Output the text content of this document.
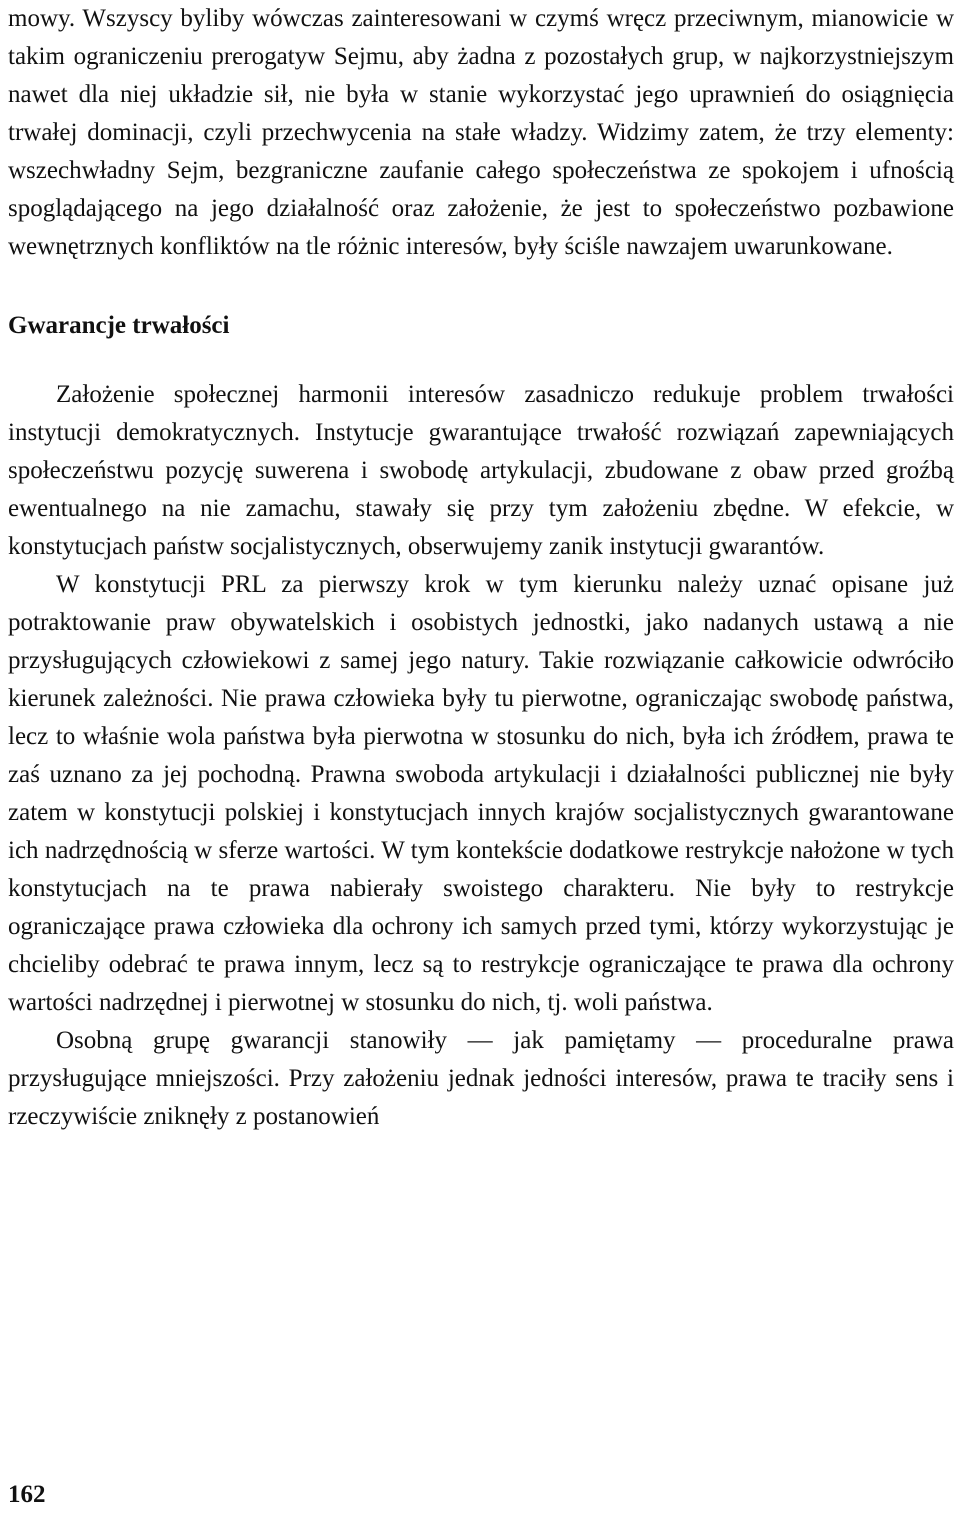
mowy. Wszyscy byliby wówczas zainteresowani w czymś wręcz przeciwnym, mianowicie w takim ograniczeniu prerogatyw Sejmu, aby żadna z pozostałych grup, w najkorzystniejszym nawet dla niej układzie sił, nie była w stanie wykorzystać jego uprawnień do osiągnięcia trwałej dominacji, czyli przechwycenia na stałe władzy. Widzimy zatem, że trzy elementy: wszechwładny Sejm, bezgraniczne zaufanie całego społeczeństwa ze spokojem i ufnością spoglądającego na jego działalność oraz założenie, że jest to społeczeństwo pozbawione wewnętrznych konfliktów na tle różnic interesów, były ściśle nawzajem uwarunkowane.

Gwarancje trwałości

Założenie społecznej harmonii interesów zasadniczo redukuje problem trwałości instytucji demokratycznych. Instytucje gwarantujące trwałość rozwiązań zapewniających społeczeństwu pozycję suwerena i swobodę artykulacji, zbudowane z obaw przed groźbą ewentualnego na nie zamachu, stawały się przy tym założeniu zbędne. W efekcie, w konstytucjach państw socjalistycznych, obserwujemy zanik instytucji gwarantów.

W konstytucji PRL za pierwszy krok w tym kierunku należy uznać opisane już potraktowanie praw obywatelskich i osobistych jednostki, jako nadanych ustawą a nie przysługujących człowiekowi z samej jego natury. Takie rozwiązanie całkowicie odwróciło kierunek zależności. Nie prawa człowieka były tu pierwotne, ograniczając swobodę państwa, lecz to właśnie wola państwa była pierwotna w stosunku do nich, była ich źródłem, prawa te zaś uznano za jej pochodną. Prawna swoboda artykulacji i działalności publicznej nie były zatem w konstytucji polskiej i konstytucjach innych krajów socjalistycznych gwarantowane ich nadrzędnością w sferze wartości. W tym kontekście dodatkowe restrykcje nałożone w tych konstytucjach na te prawa nabierały swoistego charakteru. Nie były to restrykcje ograniczające prawa człowieka dla ochrony ich samych przed tymi, którzy wykorzystując je chcieliby odebrać te prawa innym, lecz są to restrykcje ograniczające te prawa dla ochrony wartości nadrzędnej i pierwotnej w stosunku do nich, tj. woli państwa.

Osobną grupę gwarancji stanowiły — jak pamiętamy — proceduralne prawa przysługujące mniejszości. Przy założeniu jednak jedności interesów, prawa te traciły sens i rzeczywiście zniknęły z postanowień

162
